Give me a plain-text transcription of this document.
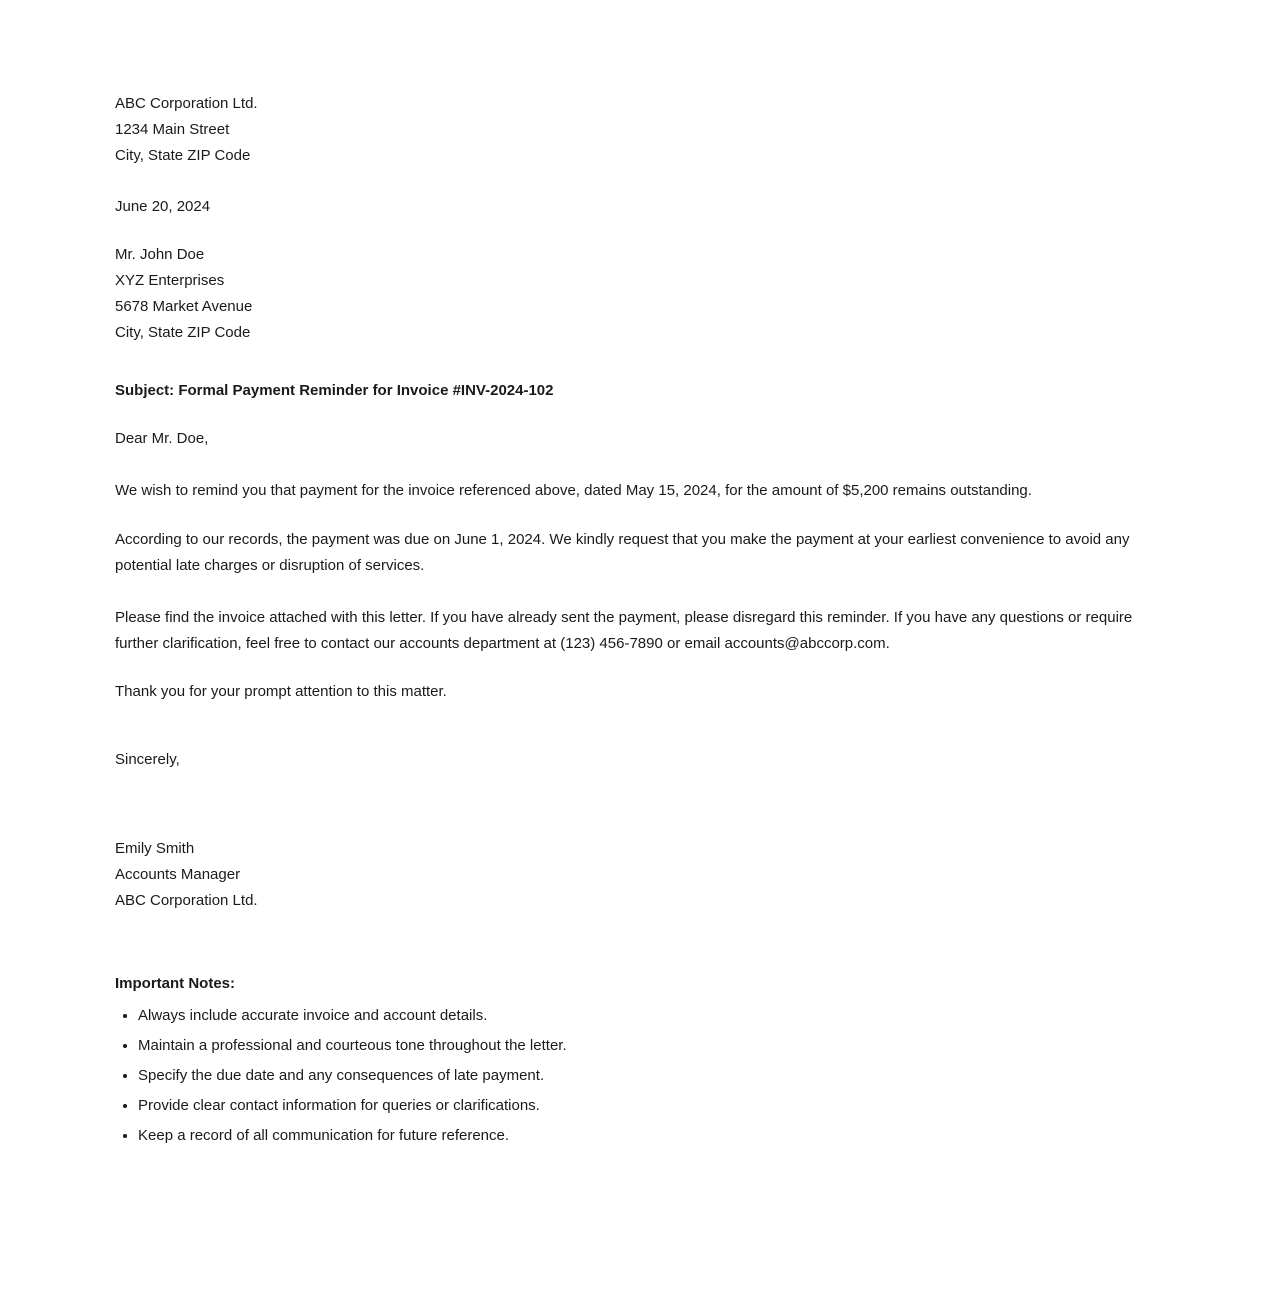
ABC Corporation Ltd.
1234 Main Street
City, State ZIP Code
June 20, 2024
Mr. John Doe
XYZ Enterprises
5678 Market Avenue
City, State ZIP Code
Subject: Formal Payment Reminder for Invoice #INV-2024-102
Dear Mr. Doe,

We wish to remind you that payment for the invoice referenced above, dated May 15, 2024, for the amount of $5,200 remains outstanding.

According to our records, the payment was due on June 1, 2024. We kindly request that you make the payment at your earliest convenience to avoid any potential late charges or disruption of services.

Please find the invoice attached with this letter. If you have already sent the payment, please disregard this reminder. If you have any questions or require further clarification, feel free to contact our accounts department at (123) 456-7890 or email accounts@abccorp.com.

Thank you for your prompt attention to this matter.

Sincerely,
Emily Smith
Accounts Manager
ABC Corporation Ltd.
Important Notes:
• Always include accurate invoice and account details.
• Maintain a professional and courteous tone throughout the letter.
• Specify the due date and any consequences of late payment.
• Provide clear contact information for queries or clarifications.
• Keep a record of all communication for future reference.
